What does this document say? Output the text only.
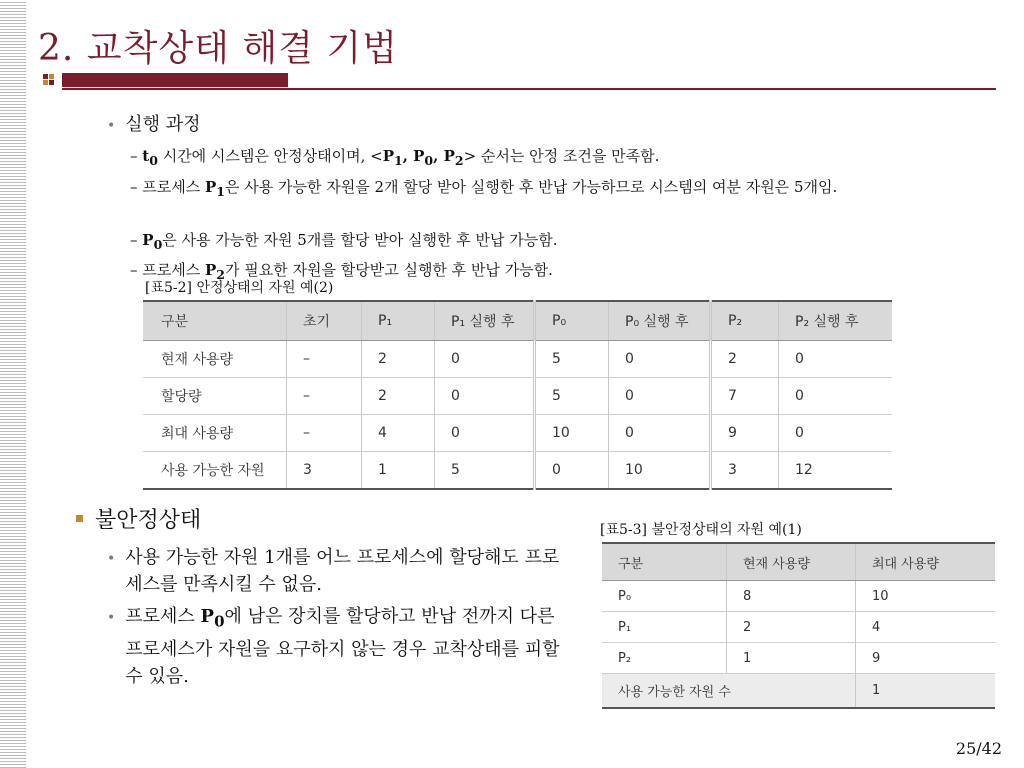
2. 교착상태 해결 기법
• 실행 과정
– $t_0$ 시간에 시스템은 안정상태이며, $<P_1$, $P_0$, $P_2>$ 순서는 안정 조건을 만족함.
– 프로세스 $P_1$은 사용 가능한 자원을 2개 할당 받아 실행한 후 반납 가능하므로 시스템의 여분 자원은 5개임.
– $P_0$은 사용 가능한 자원 5개를 할당 받아 실행한 후 반납 가능함.
– 프로세스 $P_2$가 필요한 자원을 할당받고 실행한 후 반납 가능함.
[표5-2] 안정상태의 자원 예(2)
구분	초기	P₁	P₁ 실행 후	P₀	P₀ 실행 후	P₂	P₂ 실행 후
현재 사용량	–	2	0	5	0	2	0
할당량	–	2	0	5	0	7	0
최대 사용량	–	4	0	10	0	9	0
사용 가능한 자원	3	1	5	0	10	3	12
불안정상태
• 사용 가능한 자원 1개를 어느 프로세스에 할당해도 프로세스를 만족시킬 수 없음.
• 프로세스 $P_0$에 남은 장치를 할당하고 반납 전까지 다른 프로세스가 자원을 요구하지 않는 경우 교착상태를 피할 수 있음.
[표5-3] 불안정상태의 자원 예(1)
구분	현재 사용량	최대 사용량
P₀	8	10
P₁	2	4
P₂	1	9
사용 가능한 자원 수		1
25/42
